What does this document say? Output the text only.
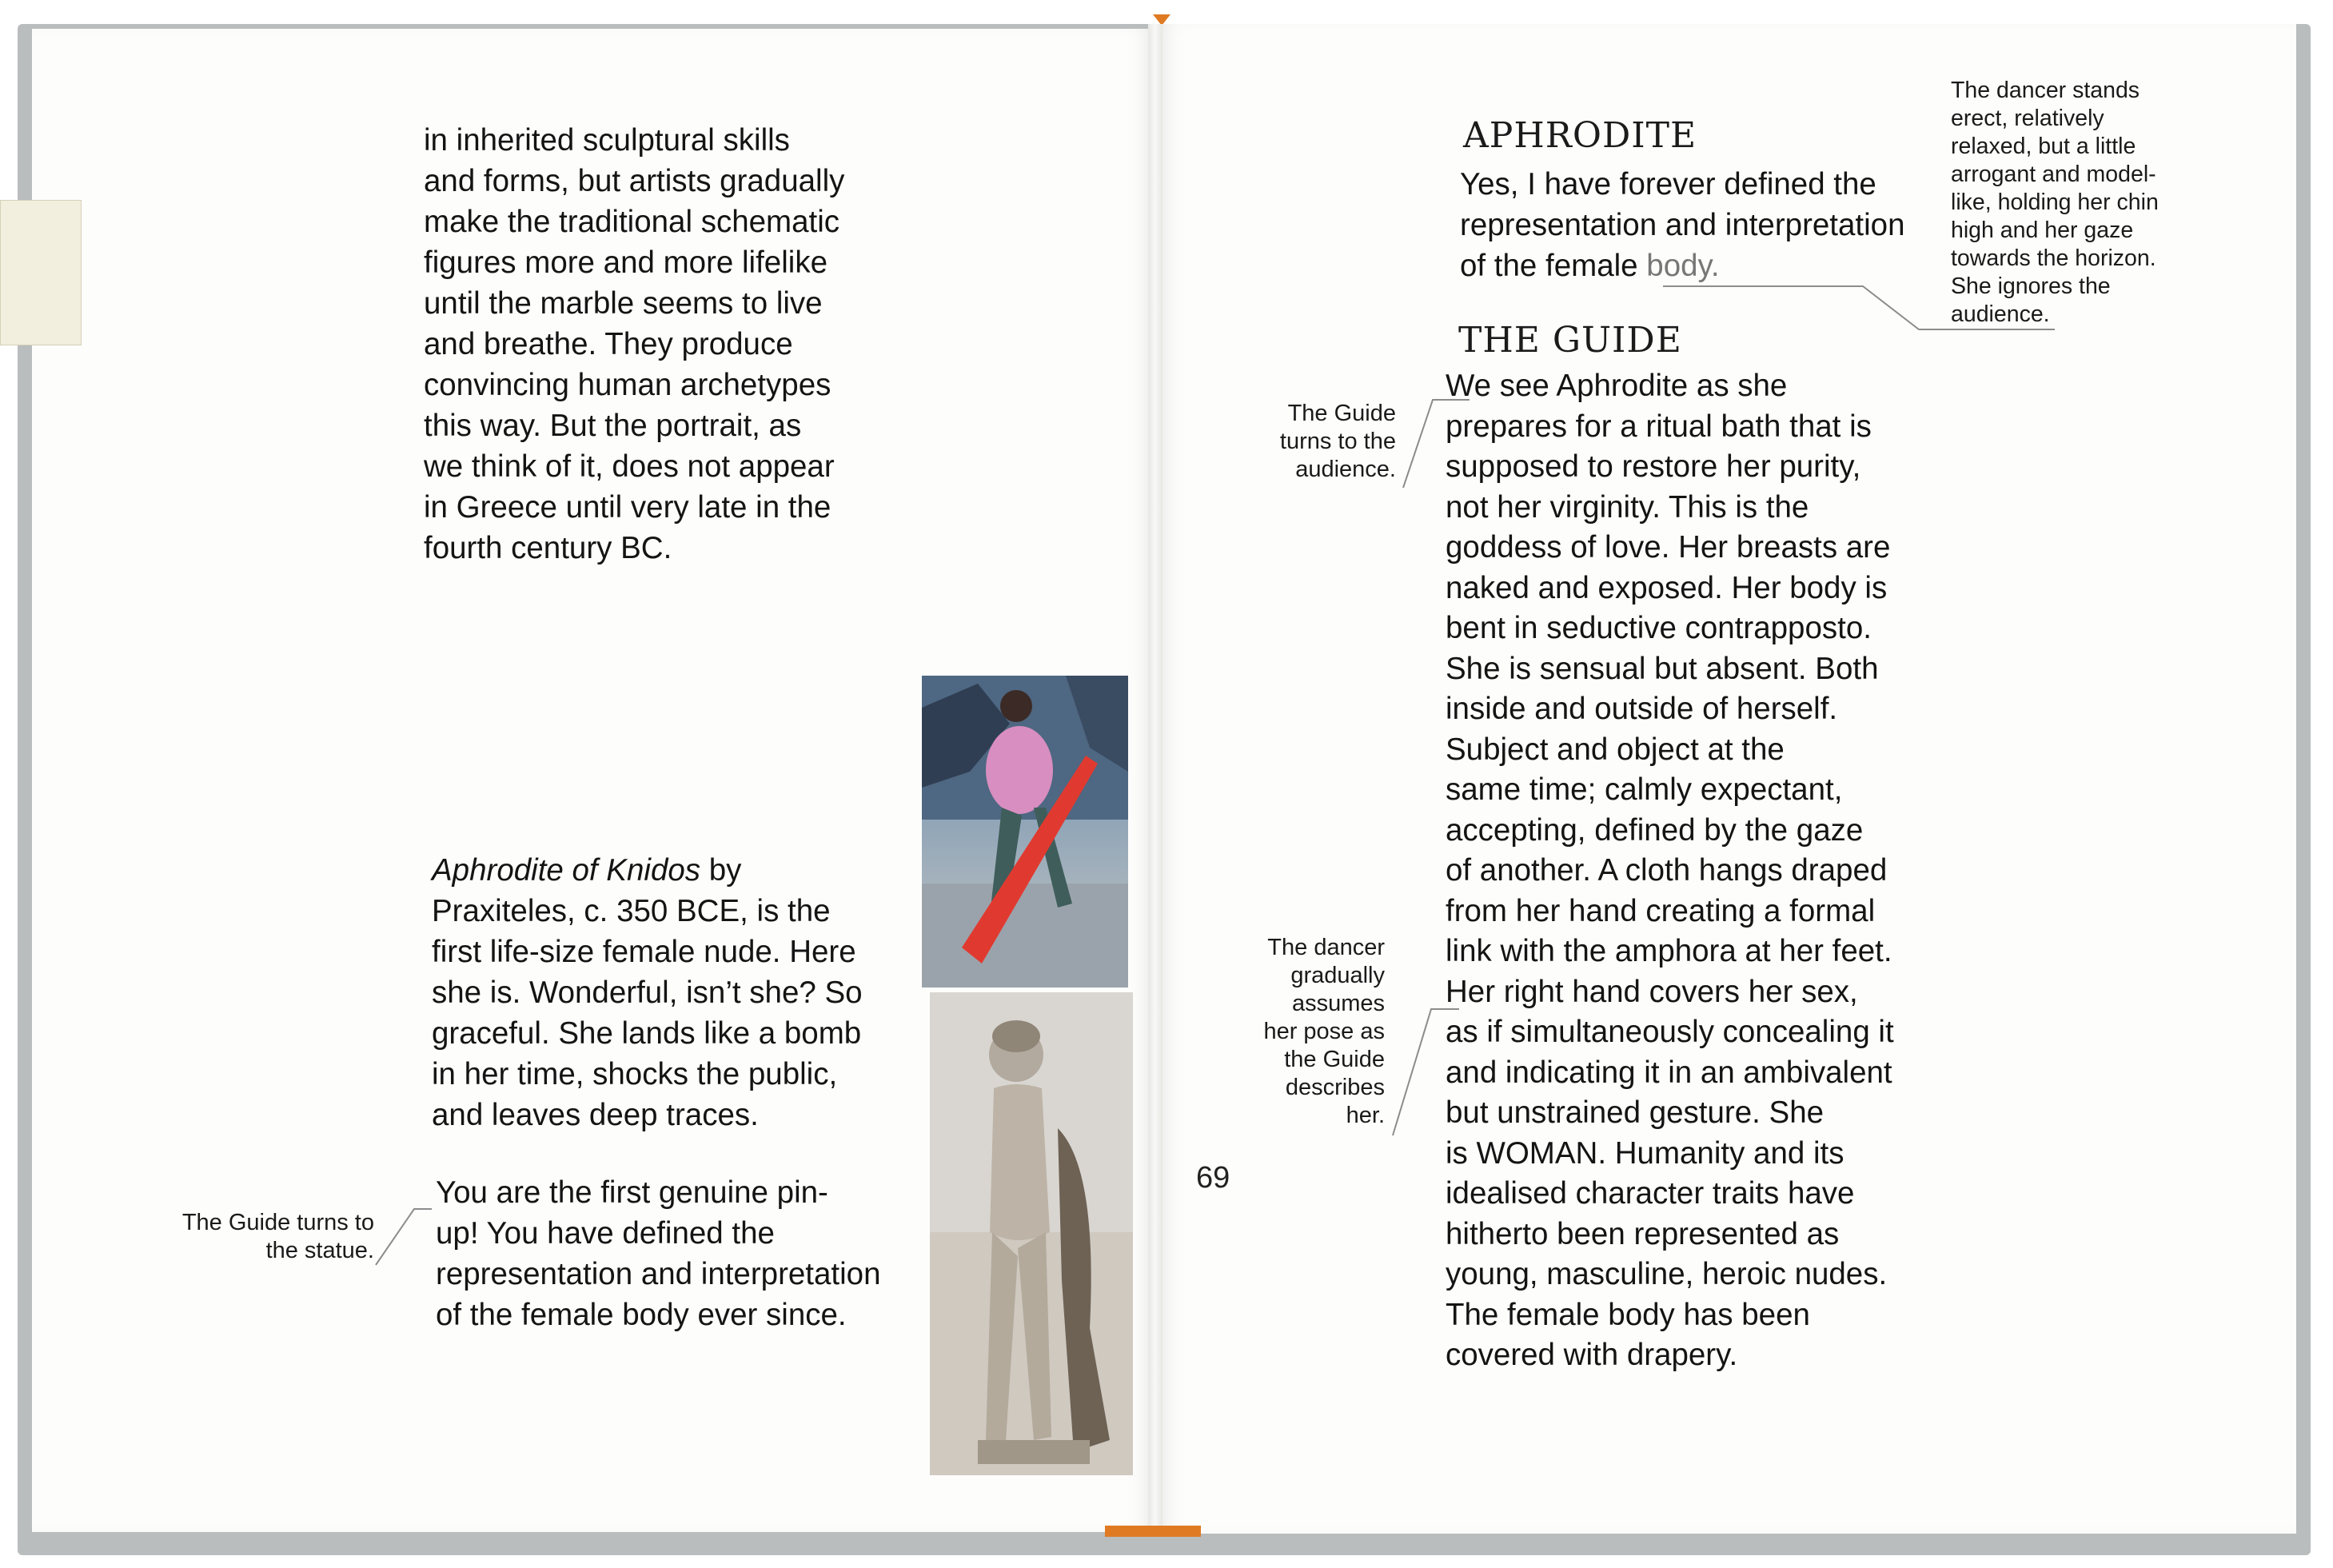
in inherited sculptural skills
and forms, but artists gradually
make the traditional schematic
figures more and more lifelike
until the marble seems to live
and breathe. They produce
convincing human archetypes
this way. But the portrait, as
we think of it, does not appear
in Greece until very late in the
fourth century BC.
Aphrodite of Knidos by
Praxiteles, c. 350 BCE, is the
first life-size female nude. Here
she is. Wonderful, isn’t she? So
graceful. She lands like a bomb
in her time, shocks the public,
and leaves deep traces.
You are the first genuine pin-
up! You have defined the
representation and interpretation
of the female body ever since.
The Guide turns to
the statue.
69
APHRODITE
Yes, I have forever defined the
representation and interpretation
of the female body.
THE GUIDE
We see Aphrodite as she
prepares for a ritual bath that is
supposed to restore her purity,
not her virginity. This is the
goddess of love. Her breasts are
naked and exposed. Her body is
bent in seductive contrapposto.
She is sensual but absent. Both
inside and outside of herself.
Subject and object at the
same time; calmly expectant,
accepting, defined by the gaze
of another. A cloth hangs draped
from her hand creating a formal
link with the amphora at her feet.
Her right hand covers her sex,
as if simultaneously concealing it
and indicating it in an ambivalent
but unstrained gesture. She
is WOMAN. Humanity and its
idealised character traits have
hitherto been represented as
young, masculine, heroic nudes.
The female body has been
covered with drapery.
The dancer stands
erect, relatively
relaxed, but a little
arrogant and model-
like, holding her chin
high and her gaze
towards the horizon.
She ignores the
audience.
The Guide
turns to the
audience.
The dancer
gradually
assumes
her pose as
the Guide
describes
her.
